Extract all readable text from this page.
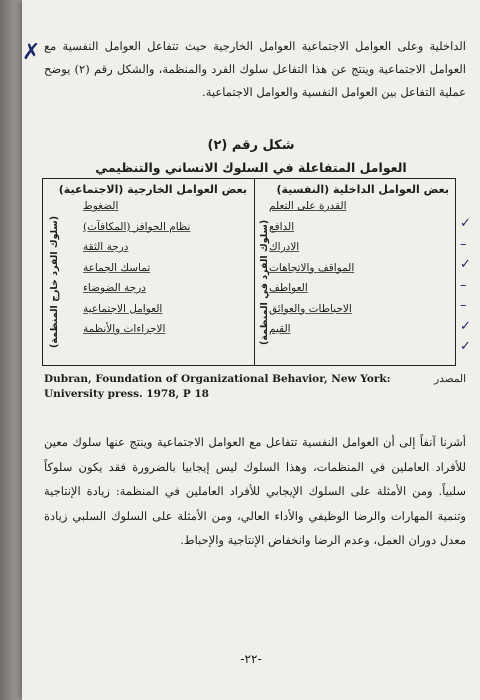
✗ الداخلية وعلى العوامل الاجتماعية العوامل الخارجية حيث تتفاعل العوامل النفسية مع العوامل الاجتماعية وينتج عن هذا التفاعل سلوك الفرد والمنظمة، والشكل رقم (٢) يوضح عملية التفاعل بين العوامل النفسية والعوامل الاجتماعية.
شكل رقم (٢)
العوامل المتفاعلة في السلوك الانساني والتنظيمي
بعض العوامل الداخلية (النفسية)
القدرة على التعلم
الدافع
الادراك
المواقف والاتجاهات
العواطف
الاحباطات والعوائق
القيم
(سلوك الفرد في المنظمة)
بعض العوامل الخارجية (الاجتماعية)
الضغوط
نظام الحوافز (المكافآت)
درجة الثقة
تماسك الجماعة
درجة الضوضاء
العوامل الاجتماعية
الاجراءات والأنظمة
(سلوك الفرد خارج المنظمة)	✓
–
✓
–
–
✓
✓
المصدر
Dubran, Foundation of Organizational Behavior, New York: University press. 1978, P 18
أشرنا آنفاً إلى أن العوامل النفسية تتفاعل مع العوامل الاجتماعية وينتج عنها سلوك معين للأفراد العاملين في المنظمات، وهذا السلوك ليس إيجابيا بالضرورة فقد يكون سلوكاً سلبياً. ومن الأمثلة على السلوك الإيجابي للأفراد العاملين في المنظمة: زيادة الإنتاجية وتنمية المهارات والرضا الوظيفي والأداء العالي، ومن الأمثلة على السلوك السلبي زيادة معدل دوران العمل، وعدم الرضا وانخفاض الإنتاجية والإحباط.
-٢٢-
